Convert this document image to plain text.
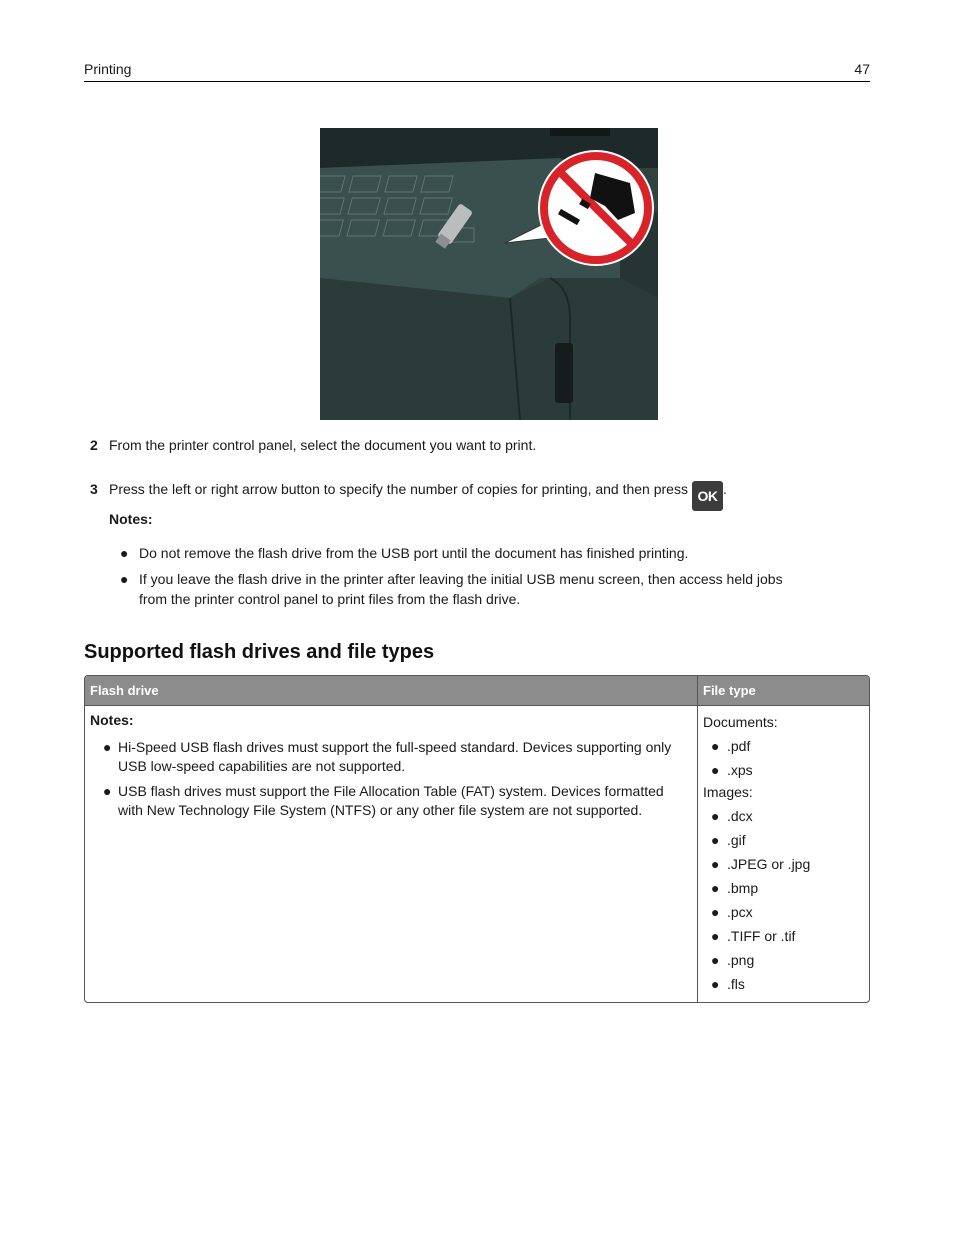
Printing	47
2 From the printer control panel, select the document you want to print.
3 Press the left or right arrow button to specify the number of copies for printing, and then press OK .
Notes:
● Do not remove the flash drive from the USB port until the document has finished printing.
● If you leave the flash drive in the printer after leaving the initial USB menu screen, then access held jobs
from the printer control panel to print files from the flash drive.
Supported flash drives and file types
Flash drive	File type
Notes:
● Hi-Speed USB flash drives must support the full-speed standard. Devices supporting only USB low-speed capabilities are not supported.
● USB flash drives must support the File Allocation Table (FAT) system. Devices formatted with New Technology File System (NTFS) or any other file system are not supported.
Documents:
● .pdf
● .xps
Images:
● .dcx
● .gif
● .JPEG or .jpg
● .bmp
● .pcx
● .TIFF or .tif
● .png
● .fls
